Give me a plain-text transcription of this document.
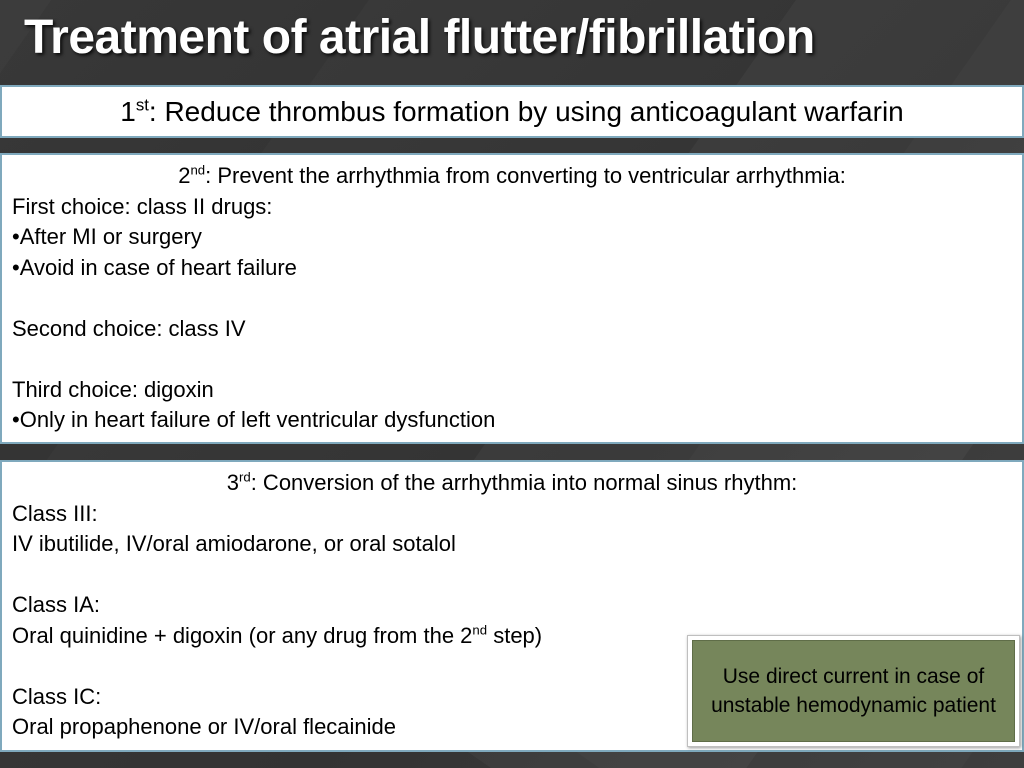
Treatment of atrial flutter/fibrillation
1st: Reduce thrombus formation by using anticoagulant warfarin
2nd: Prevent the arrhythmia from converting to ventricular arrhythmia:
First choice: class II drugs:
•After MI or surgery
•Avoid in case of heart failure
Second choice: class IV
Third choice: digoxin
•Only in heart failure of left ventricular dysfunction
3rd: Conversion of the arrhythmia into normal sinus rhythm:
Class III:
IV ibutilide, IV/oral amiodarone, or oral sotalol
Class IA:
Oral quinidine + digoxin (or any drug from the 2nd step)
Class IC:
Oral propaphenone or IV/oral flecainide
Use direct current in case of unstable hemodynamic patient
